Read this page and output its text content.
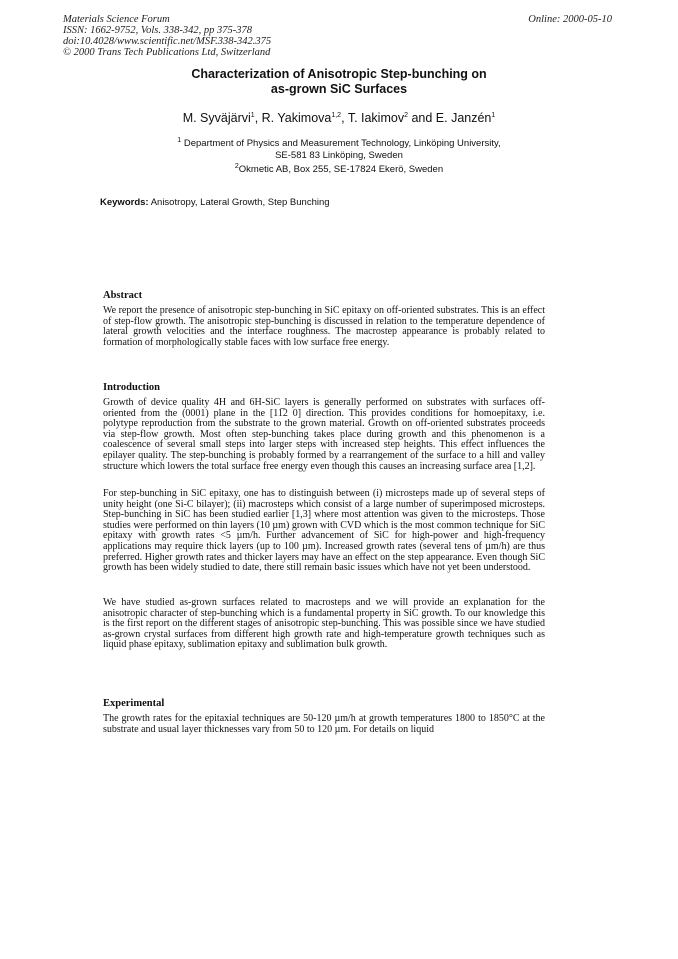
Materials Science Forum
ISSN: 1662-9752, Vols. 338-342, pp 375-378
doi:10.4028/www.scientific.net/MSF.338-342.375
© 2000 Trans Tech Publications Ltd, Switzerland
Online: 2000-05-10
Characterization of Anisotropic Step-bunching on
as-grown SiC Surfaces
M. Syväjärvi$^1$, R. Yakimova$^{1,2}$, T. Iakimov$^2$ and E. Janzén$^1$
$^1$ Department of Physics and Measurement Technology, Linköping University,
SE-581 83 Linköping, Sweden
$^2$Okmetic AB, Box 255, SE-17824 Ekerö, Sweden
Keywords: Anisotropy, Lateral Growth, Step Bunching
Abstract

We report the presence of anisotropic step-bunching in SiC epitaxy on off-oriented substrates. This is an effect of step-flow growth. The anisotropic step-bunching is discussed in relation to the temperature dependence of lateral growth velocities and the interface roughness. The macrostep appearance is probably related to formation of morphologically stable faces with low surface free energy.

Introduction

Growth of device quality 4H and 6H-SiC layers is generally performed on substrates with surfaces off-oriented from the (0001) plane in the [11̅2 0] direction. This provides conditions for homoepitaxy, i.e. polytype reproduction from the substrate to the grown material. Growth on off-oriented substrates proceeds via step-flow growth. Most often step-bunching takes place during growth and this phenomenon is a coalescence of several small steps into larger steps with increased step heights. This effect influences the epilayer quality. The step-bunching is probably formed by a rearrangement of the surface to a hill and valley structure which lowers the total surface free energy even though this causes an increasing surface area [1,2].

For step-bunching in SiC epitaxy, one has to distinguish between (i) microsteps made up of several steps of unity height (one Si-C bilayer); (ii) macrosteps which consist of a large number of superimposed microsteps. Step-bunching in SiC has been studied earlier [1,3] where most attention was given to the microsteps. Those studies were performed on thin layers (10 µm) grown with CVD which is the most common technique for SiC epitaxy with growth rates <5 µm/h. Further advancement of SiC for high-power and high-frequency applications may require thick layers (up to 100 µm). Increased growth rates (several tens of µm/h) are thus preferred. Higher growth rates and thicker layers may have an effect on the step appearance. Even though SiC growth has been widely studied to date, there still remain basic issues which have not yet been understood.

We have studied as-grown surfaces related to macrosteps and we will provide an explanation for the anisotropic character of step-bunching which is a fundamental property in SiC growth. To our knowledge this is the first report on the different stages of anisotropic step-bunching. This was possible since we have studied as-grown crystal surfaces from different high growth rate and high-temperature growth techniques such as liquid phase epitaxy, sublimation epitaxy and sublimation bulk growth.

Experimental

The growth rates for the epitaxial techniques are 50-120 µm/h at growth temperatures 1800 to 1850°C at the substrate and usual layer thicknesses vary from 50 to 120 µm. For details on liquid
